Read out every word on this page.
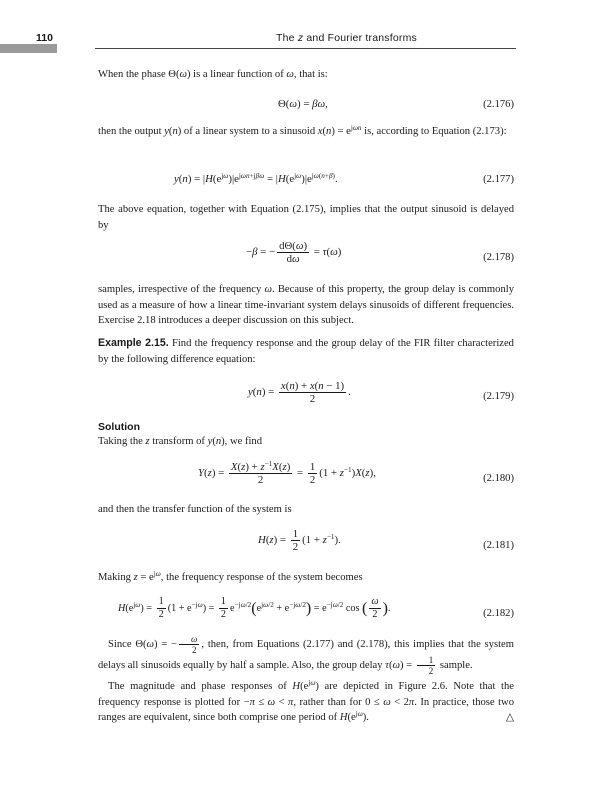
110	The z and Fourier transforms

When the phase Θ(ω) is a linear function of ω, that is:

Θ(ω) = βω,	(2.176)

then the output y(n) of a linear system to a sinusoid $x(n) = e^{j\omega n}$ is, according to Equation (2.173):

$y(n) = |H(e^{j\omega})|e^{j\omega n+j\beta\omega} = |H(e^{j\omega})|e^{j\omega(n+\beta)}$.	(2.177)

The above equation, together with Equation (2.175), implies that the output sinusoid is delayed by

−β = − $\frac{d\Theta(\omega)}{d\omega} = \tau(\omega)$	(2.178)

samples, irrespective of the frequency ω. Because of this property, the group delay is commonly used as a measure of how a linear time-invariant system delays sinusoids of different frequencies. Exercise 2.18 introduces a deeper discussion on this subject.

Example 2.15. Find the frequency response and the group delay of the FIR filter characterized by the following difference equation:

$y(n) = \frac{x(n) + x(n - 1)}{2}$ .	(2.179)
Solution

Taking the z transform of y(n), we find

$Y(z) = \frac{X(z) + z^{-1}X(z)}{2} = \frac{1}{2} (1 + z^{-1})X(z)$,	(2.180)

and then the transfer function of the system is

$H(z) = \frac{1}{2} (1 + z^{-1})$.	(2.181)

Making $z = e^{j\omega}$, the frequency response of the system becomes

$H(e^{j\omega}) = \frac{1}{2} (1 + e^{-j\omega}) = \frac{1}{2} e^{-j\omega/2}(e^{j\omega/2} + e^{-j\omega/2}) = e^{-j\omega/2}$ cos ( $\frac{\omega}{2}$ ).	(2.182)

Since Θ(ω) = − $\frac{\omega}{2}$ , then, from Equations (2.177) and (2.178), this implies that the system delays all sinusoids equally by half a sample. Also, the group delay $\tau(\omega) = \frac{1}{2}$ sample.

The magnitude and phase responses of $H(e^{j\omega})$ are depicted in Figure 2.6. Note that the frequency response is plotted for −π ≤ ω < π, rather than for 0 ≤ ω < 2π. In practice, those two ranges are equivalent, since both comprise one period of $H(e^{j\omega})$.	△
